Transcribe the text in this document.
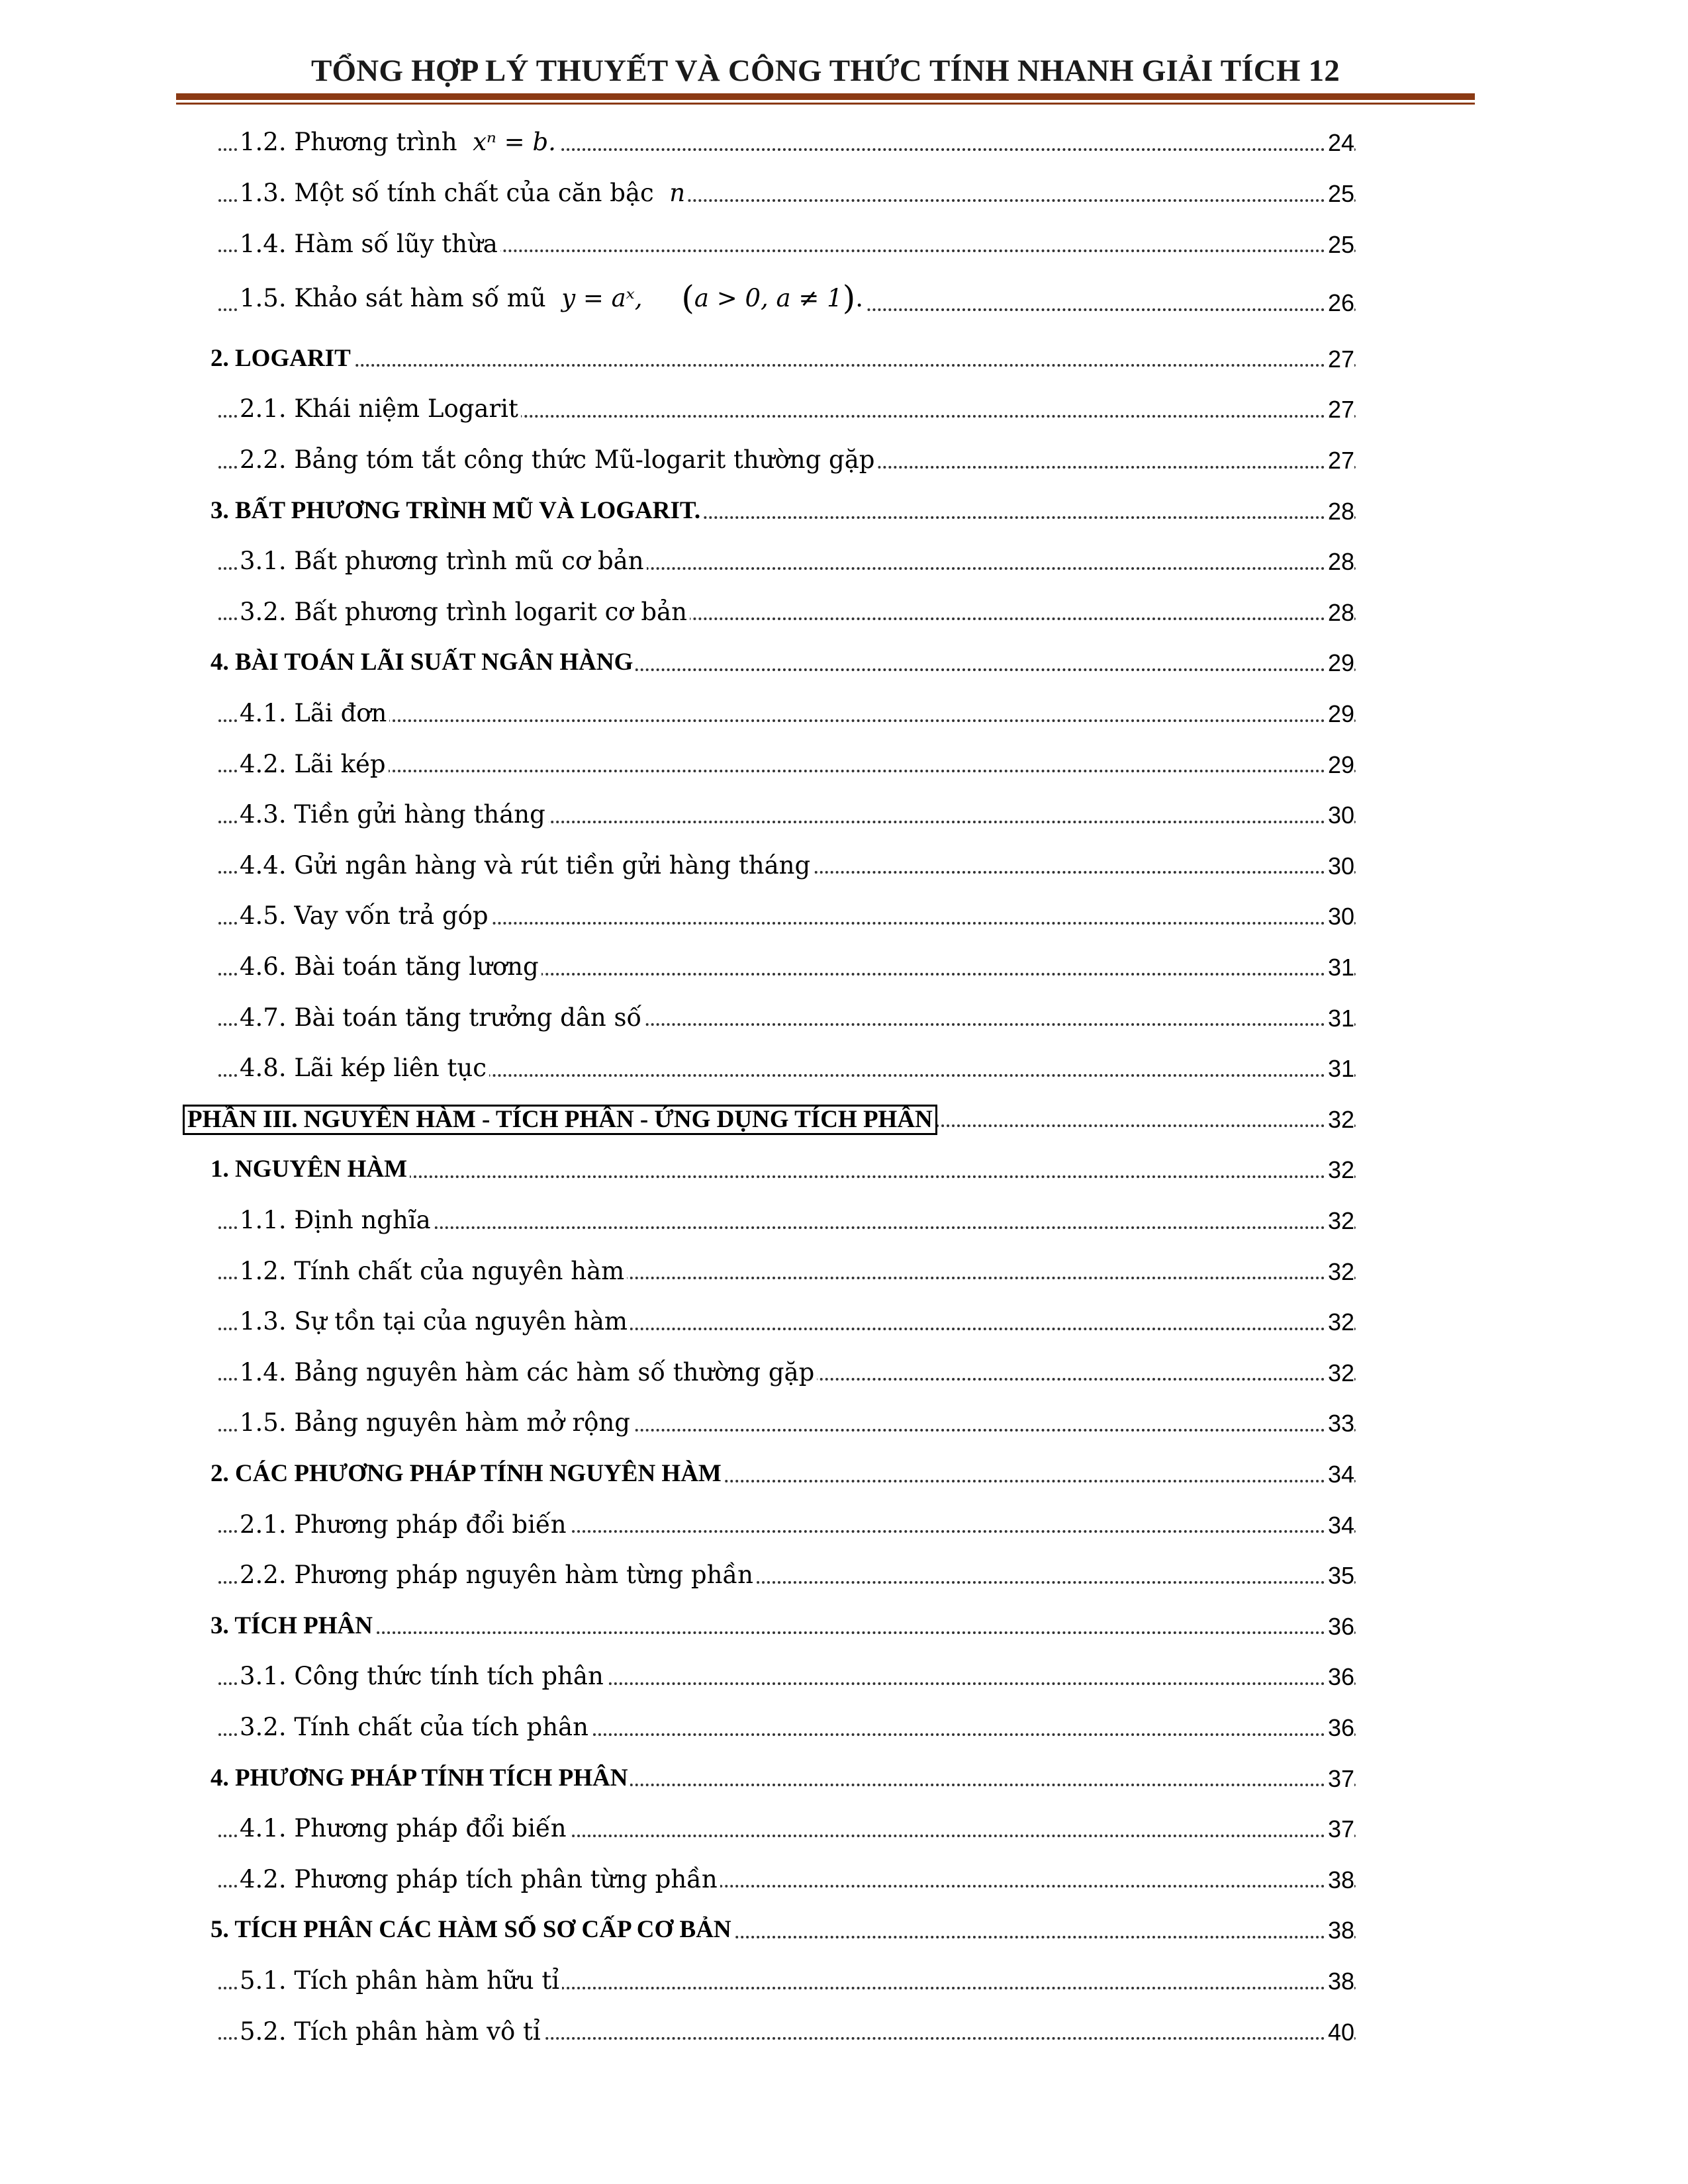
TỔNG HỢP LÝ THUYẾT VÀ CÔNG THỨC TÍNH NHANH GIẢI TÍCH 12
1.2. Phương trình xⁿ = b.	24
1.3. Một số tính chất của căn bậc n	25
1.4. Hàm số lũy thừa	25
1.5. Khảo sát hàm số mũ y = aˣ, (a > 0, a ≠ 1).	26
2. LOGARIT	27
2.1. Khái niệm Logarit	27
2.2. Bảng tóm tắt công thức Mũ-logarit thường gặp	27
3. BẤT PHƯƠNG TRÌNH MŨ VÀ LOGARIT.	28
3.1. Bất phương trình mũ cơ bản	28
3.2. Bất phương trình logarit cơ bản	28
4. BÀI TOÁN LÃI SUẤT NGÂN HÀNG	29
4.1. Lãi đơn	29
4.2. Lãi kép	29
4.3. Tiền gửi hàng tháng	30
4.4. Gửi ngân hàng và rút tiền gửi hàng tháng	30
4.5. Vay vốn trả góp	30
4.6. Bài toán tăng lương	31
4.7. Bài toán tăng trưởng dân số	31
4.8. Lãi kép liên tục	31
PHẦN III. NGUYÊN HÀM - TÍCH PHÂN - ỨNG DỤNG TÍCH PHÂN	32
1. NGUYÊN HÀM	32
1.1. Định nghĩa	32
1.2. Tính chất của nguyên hàm	32
1.3. Sự tồn tại của nguyên hàm	32
1.4. Bảng nguyên hàm các hàm số thường gặp	32
1.5. Bảng nguyên hàm mở rộng	33
2. CÁC PHƯƠNG PHÁP TÍNH NGUYÊN HÀM	34
2.1. Phương pháp đổi biến	34
2.2. Phương pháp nguyên hàm từng phần	35
3. TÍCH PHÂN	36
3.1. Công thức tính tích phân	36
3.2. Tính chất của tích phân	36
4. PHƯƠNG PHÁP TÍNH TÍCH PHÂN	37
4.1. Phương pháp đổi biến	37
4.2. Phương pháp tích phân từng phần	38
5. TÍCH PHÂN CÁC HÀM SỐ SƠ CẤP CƠ BẢN	38
5.1. Tích phân hàm hữu tỉ	38
5.2. Tích phân hàm vô tỉ	40
